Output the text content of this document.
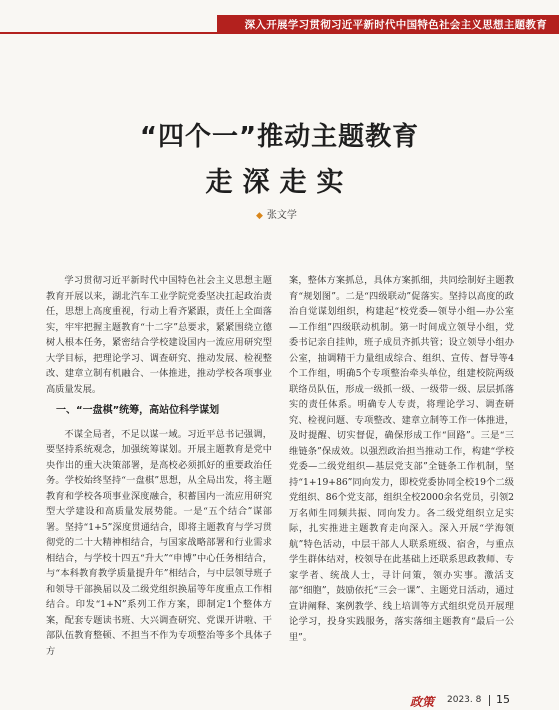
深入开展学习贯彻习近平新时代中国特色社会主义思想主题教育
“四个一”推动主题教育
走深走实
◆ 张文学

学习贯彻习近平新时代中国特色社会主义思想主题教育开展以来，湖北汽车工业学院党委坚决扛起政治责任，思想上高度重视，行动上看齐紧跟，责任上全面落实，牢牢把握主题教育“十二字”总要求，紧紧围绕立德树人根本任务，紧密结合学校建设国内一流应用研究型大学目标，把理论学习、调查研究、推动发展、检视整改、建章立制有机融合、一体推进，推动学校各项事业高质量发展。

一、“一盘棋”统筹，高站位科学谋划

不谋全局者，不足以谋一域。习近平总书记强调，要坚持系统观念，加强统筹谋划。开展主题教育是党中央作出的重大决策部署，是高校必须抓好的重要政治任务。学校始终坚持“一盘棋”思想，从全局出发，将主题教育和学校各项事业深度融合，积蓄国内一流应用研究型大学建设和高质量发展势能。一是“五个结合”谋部署。坚持“1+5”深度贯通结合，即将主题教育与学习贯彻党的二十大精神相结合，与国家战略部署和行业需求相结合，与学校十四五“升大”“申博”中心任务相结合，与“本科教育教学质量提升年”相结合，与中层领导班子和领导干部换届以及二级党组织换届等年度重点工作相结合。印发“1+N”系列工作方案，即制定1个整体方案，配套专题读书班、大兴调查研究、党课开讲啦、干部队伍教育整顿、不担当不作为专项整治等多个具体子方

案，整体方案抓总，具体方案抓细，共同绘制好主题教育“规划图”。二是“四级联动”促落实。坚持以高度的政治自觉谋划组织，构建起“校党委—领导小组—办公室—工作组”四级联动机制。第一时间成立领导小组，党委书记亲自挂帅，班子成员齐抓共管；设立领导小组办公室，抽调精干力量组成综合、组织、宣传、督导等4个工作组，明确5个专项整治牵头单位，组建校院两级联络员队伍，形成一级抓一级、一级带一级、层层抓落实的责任体系。明确专人专责，将理论学习、调查研究、检视问题、专项整改、建章立制等工作一体推进，及时提醒、切实督促，确保形成工作“回路”。三是“三维链条”保成效。以强烈政治担当推动工作，构建“学校党委—二级党组织—基层党支部”全链条工作机制，坚持“1+19+86”同向发力，即校党委协同全校19个二级党组织、86个党支部，组织全校2000余名党员，引领2万名师生同频共振、同向发力。各二级党组织立足实际，扎实推进主题教育走向深入。深入开展“学海领航”特色活动，中层干部人人联系班级、宿舍，与重点学生群体结对，校领导在此基础上还联系思政教师、专家学者、统战人士，寻计问策，领办实事。激活支部“细胞”，鼓励依托“三会一课”、主题党日活动，通过宣讲阐释、案例教学、线上培训等方式组织党员开展理论学习，投身实践服务，落实落细主题教育“最后一公里”。

政策 2023. 8 15
